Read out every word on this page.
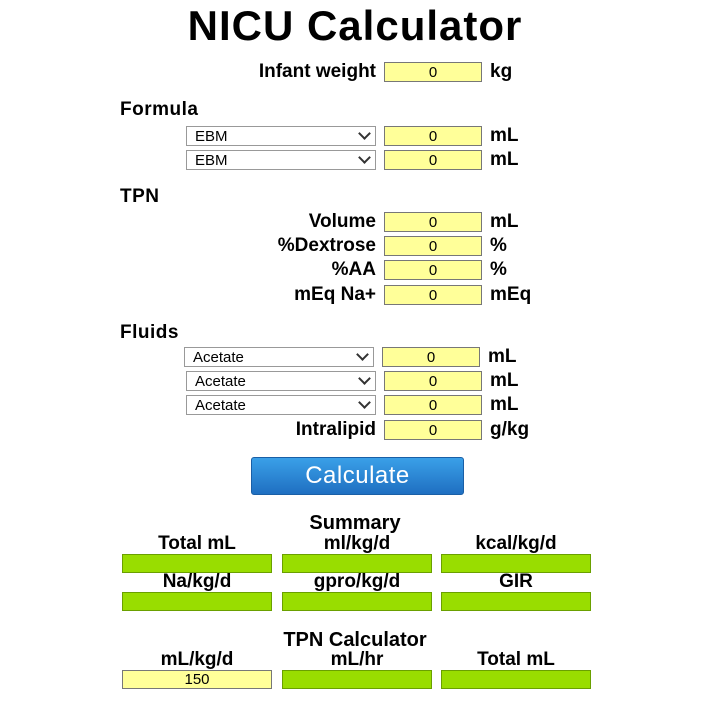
NICU Calculator
Infant weight
0	kg
Formula
EBM
0	mL
EBM
0	mL
TPN
Volume
0	mL
%Dextrose
0	%
%AA
0	%
mEq Na+
0	mEq
Fluids
Acetate
0	mL
Acetate
0	mL
Acetate
0	mL
Intralipid
0	g/kg
Calculate
Summary
Total mL	ml/kg/d	kcal/kg/d
Na/kg/d	gpro/kg/d	GIR
TPN Calculator
mL/kg/d	mL/hr	Total mL
150
